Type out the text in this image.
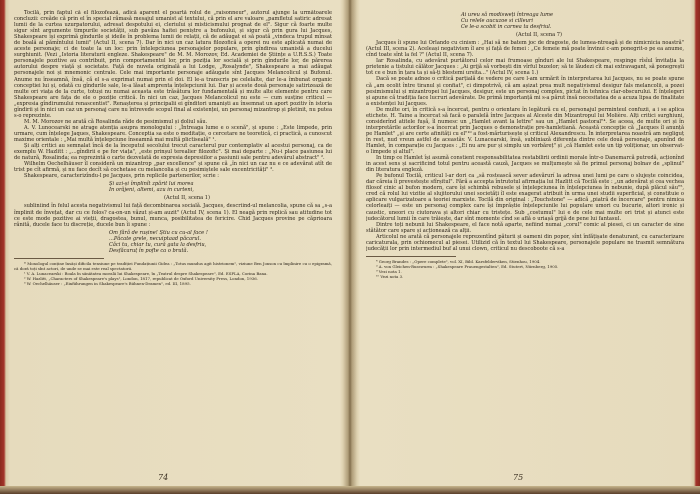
Tocilă, prin faptul că el filozofează, adică aparent el poartă rolul de „raisonneur", autorul ajunge la următoarele concluzii: creăde că prin el în special rămasă mesajul umanist al textului, că prin el are valoare „pamfletul satiric adresat lumii de la curtea uzurpatorului, adresat despotului ei, cleriului și misticismului prognat de el". Sigur că foarte multe sigur sînt argumente timpurile societății, sub pavăza haitei peniștre a bufonului, și sigur că prin gura lui Jacques, Shakespeare își exprimă gîndurile și ideile în problema lumii de relații, că de adăugat ei să poată „vindeca trupul mînsat de boală al pămîntului lumii" (Actul II, scena 7). Dar în nici un caz latura filozofică a operei nu este aplicată numai de aceste personaje; ci de toate la un loc: prin întelepciunea personajelor populare, prin gîndirea umanistă a ducelui surghiunit. (Vezi „Istoria literaturii engleze. Shakespeare" de M. M. Morozov, Ed. Academiei de Științe a U.R.S.S.) Toate personajele pozitive au contribuit, prin comportamentul lor, prin poziția lor socială și prin gîndurile lor, de părerea autorului despre viață și societate. Față de nuvela originală a lui Lodge, „Rosalynde", Shakespeare a mai adăugat personajele noi și mnemonic centrale. Cele mai importante personaje adăugate sînt Jacques Melancolicul și Bufonul. Anume nu înseamnă, însă, că el s-a exprimat numai prin el doi. El le-a transcris pe celelalte, dar le-a îmbunat organic conceptiei lui și, odată cu gîndurile sale, le-a lăsat amprenta înțelepciunii lui. Dar și aceste două personaje satirizează de multe ori viața de la curte, totuși nu numai aceasta este trăsătura lor fundamentală și multe alte elemente pentru care Shakespeare are fața de ele o poziție critică. În nici un caz, Jacques Melancolicul nu este — cum susține criticul — „expresia gîndirumului renascentist". Renașterea și principalii ei gînditori umaniști au însemnat un aport pozitiv în istoria gîndirii și în nici un caz un personaj care nu întrevede scopul final al existenței, un personaj mizantrop și pletinit, nu putea s-o reprezinte.

M. M. Morozov ne arată că Rosalinda răde de pesimismul și doliul său.

A. V. Lunocearski ne atrage atenția asupra monologului : „Întreaga lume e o scenă", și spune : „Este limpede, prin urmare, cum înțelege Jaques, Shakespeare. Conceptia sa este o meditație, o cercetare ne teoretică, ci practică, a cunoscut maxime orientale : „Mai multă înțelepciune înseamnă mai multă plictiseală" ¹.

Și alți critici au semnalat încă de la începutul secolului trecut caracterul pur contemplativ al acestui personaj, ca de exemplu W. Hazlitt : „...gîndirii e pe for viața", „este prinșul terealier filozofic". Și mai departe : „Nu-i place pasiunea lui de natură, Rosalinda; ea reprezintă o carte dezvelată de expresia depresiilor a pasiunii sale pentru adevărul abstract" ².

Wilhelm Oechelhäuser îl consideră un mizantrop „par excellence" și spune că „în nici un caz nu e ce adevărat atît de trist pe cît afirmă, și nu face decît să cochetase cu melancolia și cu pesimiștele sale excentricități" ³.

Shakespeare, caracterizîndu-l pe Jacques, prin replicile partenerilor, scrie :

Și azi-și împlinît zpărit lui morea
In orăjeni, altemi, azu in curteni,
(Actul II, scena 1)

subliniind în felul acesta negativismul lui față decombinarea socială. Jacques, descriind-ul melancolia, spune că sa „s-a împlinit de învețat, dar cu ce folos? ca-on-un văzut și-am auzit" (Actul IV, scena 1). El neagă prin replică sau atitudine tot ce este mode pozitive ai vieții, dragostea, bunul, munca, posibilitatea de fericire. Chid Jacques provine pe căprioara rănită, ducele face tu discreție, ducele bun îi spune :

Om fără de rușine! Știu cu cu-al face !
...Păcate grele, necuiptaad păcarul.
Căci tu, chiar tu, cură gata la desfriu,
Desfăcaruț în pofte ca o brută.

* Monologul conține însăși dificila tensiune pe tradiției Fundațiunii Gidea : „Totus mundus agit histrionem", viziune Ben Jonson cu împlinire cu o epigramă, că doră toți sînt actori, de unde se mai este real spectatorii.

¹ V. A. Lunacearski : Boala în sănătatea morală lui Shakespeare, în „Teatrul despre Shakespeare", Ed. ESPLA, Corina Bana.

² W. Hazlitt, „Characters of Shakespeare's plays", London, 1817, republicat de Oxford University Press, London, 1936.

³ W. Oechelhäuser : „Einführungen in Shakespeare's Bühnen-Dramen", ed. III, 1895.

74
Ai ureu să modisweți întreaga lume
Cu relele aucuzoe si cilleuri
Ce le-a scobit in carnea ta desfriul.
(Actul II, scena 7)

Jacques îi spune lui Orlando cu cinism : „Hai să ne batem joc de dragoste, de lumea-ntreagă și de nimicnicia noastră" (Actul III, scena 2). Aceleași negativism îl are și față de femei : „Ce femeie mă poate învinui c-am ponegrit-o pe ea anume, cînd toate sînt la fel ?" (Actul II, scena 7).

Iar Rosalinda, cu adevărat purtătorul celor mai frumoase gînduri ale lui Shakespeare, respinge rîsîul învitația la prietenie a tistului călător Jacques : „Ai grijă să vorbești din vîrful buzelor; să te lăudezi cît mai extravagant, să ponegrești tot ce e bun în țara ta și să-ți blestemi ursita..." (Actul IV, scena 1.)

Dacă se poate adnoe o critică parțială de vedere pe care l-am urmărit în interpretarea lui Jacques, nu se poate spune că „am ocolit între tiranul și confiat", ci dimpotrivă, că am așizat prea mult negativismul desigur fals melancolii, a pozei pesimismului și mizantropei lui Jacques, desigur, este un personaj complex, pictat în tehnica clar-obscurului. E înțelegeri și apune că tradiția face lucruri adevărate. De primă importanță mi s-a părut însă necesitatea de a acuza lipsa de finalitate a existenței lui Jacques.

De multe ori, în critică s-a încercat, pentru o orientare în legătură cu el, personajul perminteul confuzii, a i se aplica etichete. H. Taine a încercat să facă o paralelă între Jacques al Alceste din Mizantropul lui Molière. Alți critici surghiuni, considerînd atitele fușă, îl numesc un „Hamlet avant la lettre" sau un „Hamlet pastoral"⁴. Se aceea, de multe ori și în interpretările actorilor s-a încercat prin Jacques o demonstrație pre-hamletiană. Această concepție că „Jacques îl anunță pe Hamlet" „și are certe afinități cu el"¹⁰ a fost-mărturisește și criticul Alexandrescu. În interpretarea noastră am negliguț în rest, nud vreun astfel de aceastăv. V. Lunacearski, însă, subliniază diferența dintre cele două personaje, apunînd de Hamlet, în comparație cu Jacques : „Ei nu are pur și simplu un vorbăreț" și „că Hamlet este un tip voliționar, un observat-o limpede și altul".

In timp ce Hamlet își asumă constient responsabilitatea restabilirii ordinii morale într-o Danemarcă putredă, acționînd in acest sens și sacrificind totul pentru această cauză, Jacques se mulțumește să fie primul personaj bolnav de „splinul" din literatura engleză.

Pe bufonul Tocilă, criticul l-ar dori ca „să rostească sever adevărurí la adresa unei lumi pe care o slujește coincidea, dar căreia îi prevestește sfîrșitul". Fără a accepta întrutotul afirmația lui Hazlitt că Tocilă este : „un adevărat și cea vechea filosof cinic al bufon modern, care își schimbă rebusele și înțelepciunea în înțelepciunea în nebunie, după plăcul său"⁵, cred că rolul lui vizitie al slujitorului unei societăți îl este exagerat atribuit în urma unei studii superficial, și constituie o aplicare vulgarizatoare a teoriei marxiste. Tocilă din original : „Touchstone" — adică „piatră de încercare" pentru nimica celorleaiți — este un personaj complex care își împrăștie înțelepciunile lui populare umori cu bucurie, altori ironic și caustic, uneori cu ciutorava și altori chiar cu tristețe. Sub „costumul" lui e de cele mai multe ori trist și atunci este judecătorul lumii în care trăiește, dar sînt momente cînd se află o uriașă grijă de pene lui fantasul.

Dintre toți nebunii lui Shakespeare, el face notă aparte, nefiind numai „corul" comic al piesei, ci un caracter de sine stătător care spare și acționează ca alții.

Articolul ne arată că personajele reprezentînd păturii și oameni din popor, sînt înfățișate denaturant, cu caracterizare caricaturala, prin ochiomecul al piesei. Utilizid că în textul lui Shakespeare, personajele populare ne trasmit semnătura judecății lor prin intermediul buf al unui clown, criticul nu descoboote că s-a

⁴ Georg Brandes : „Opere complete", vol. XI, Bibl. Karsfelderviken, Stienhou, 1904.

⁵ A. von Gleichen-Russwurm : „Shakespeare Frauengestalten", Ed. Stutert, Nürnberg, 1905.

⁹ Vezi nota 1.

¹⁰ Vezi nota 3.

75
